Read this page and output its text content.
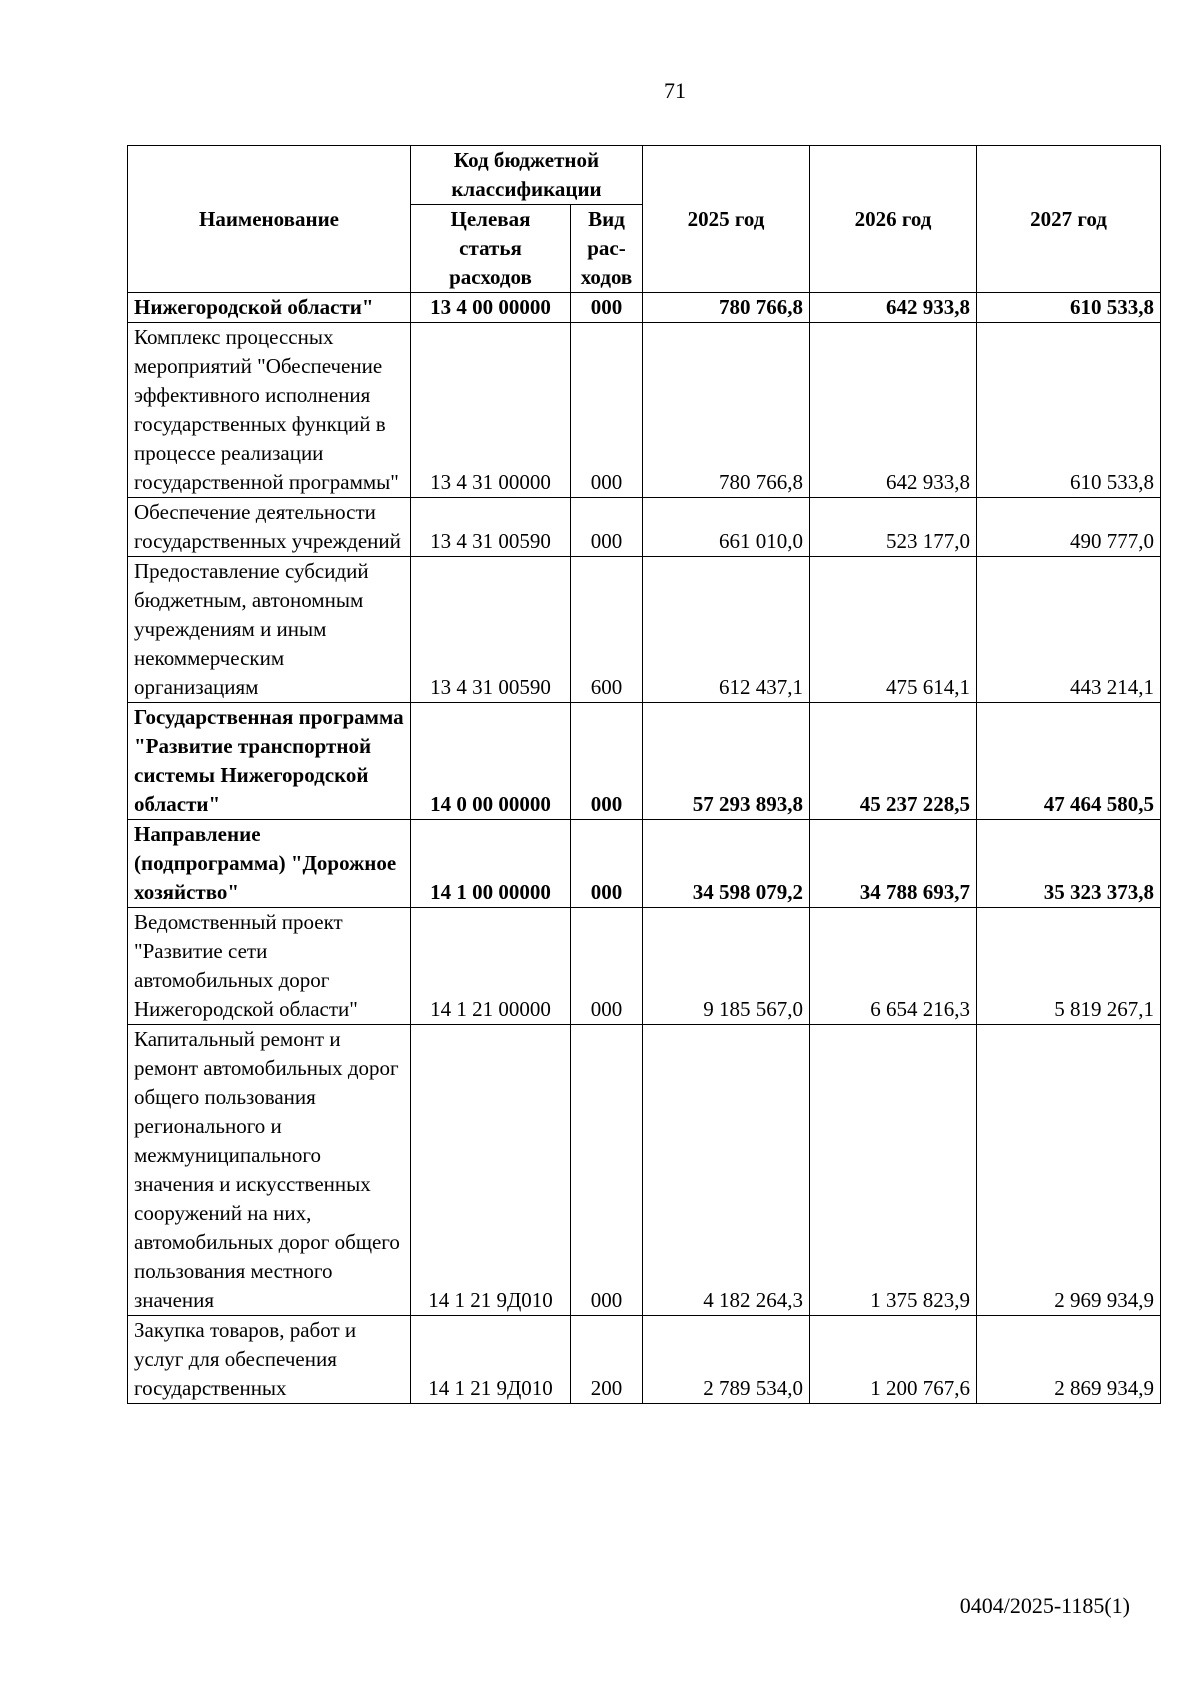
71
Наименование	Код бюджетной классификации		2025 год	2026 год	2027 год
	Целевая статья расходов	Вид рас-ходов			
Нижегородской области"	13 4 00 00000	000	780 766,8	642 933,8	610 533,8
Комплекс процессных мероприятий "Обеспечение эффективного исполнения государственных функций в процессе реализации государственной программы"	13 4 31 00000	000	780 766,8	642 933,8	610 533,8
Обеспечение деятельности государственных учреждений	13 4 31 00590	000	661 010,0	523 177,0	490 777,0
Предоставление субсидий бюджетным, автономным учреждениям и иным некоммерческим организациям	13 4 31 00590	600	612 437,1	475 614,1	443 214,1
Государственная программа "Развитие транспортной системы Нижегородской области"	14 0 00 00000	000	57 293 893,8	45 237 228,5	47 464 580,5
Направление (подпрограмма) "Дорожное хозяйство"	14 1 00 00000	000	34 598 079,2	34 788 693,7	35 323 373,8
Ведомственный проект "Развитие сети автомобильных дорог Нижегородской области"	14 1 21 00000	000	9 185 567,0	6 654 216,3	5 819 267,1
Капитальный ремонт и ремонт автомобильных дорог общего пользования регионального и межмуниципального значения и искусственных сооружений на них, автомобильных дорог общего пользования местного значения	14 1 21 9Д010	000	4 182 264,3	1 375 823,9	2 969 934,9
Закупка товаров, работ и услуг для обеспечения государственных	14 1 21 9Д010	200	2 789 534,0	1 200 767,6	2 869 934,9
0404/2025-1185(1)
